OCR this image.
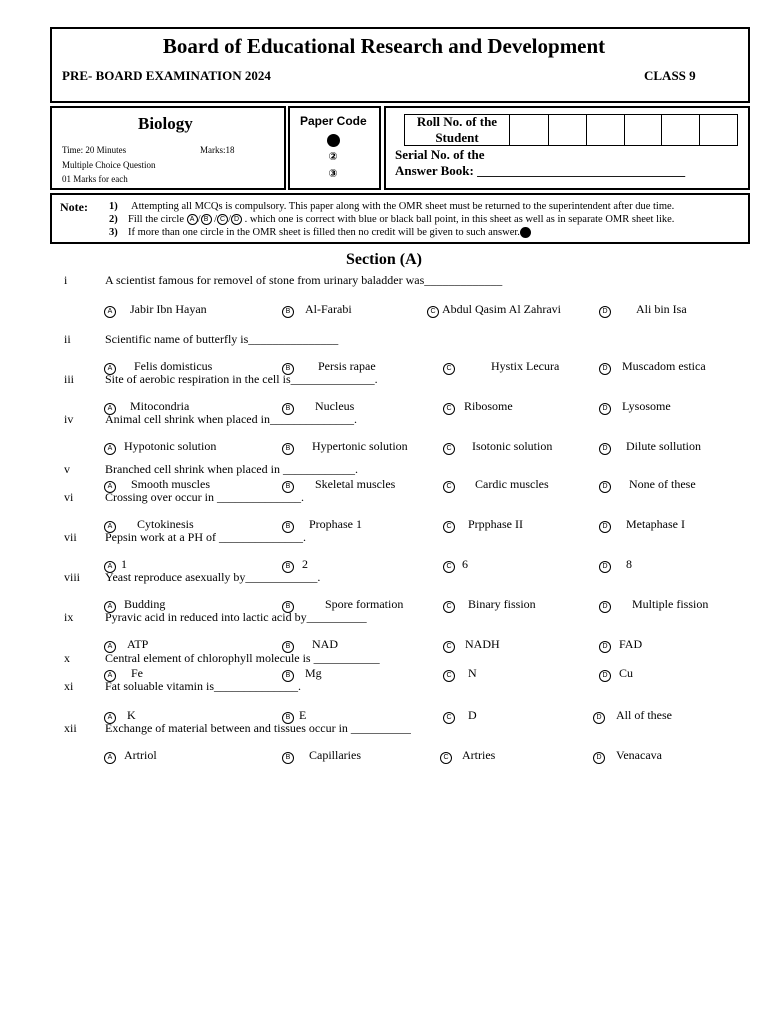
Board of Educational Research and Development
PRE- BOARD EXAMINATION 2024	CLASS 9
Biology
Time: 20 Minutes	Marks:18
Multiple Choice Question
01 Marks for each
Paper Code
②
③
Roll No. of the Student
Serial No. of the
Answer Book: ________________________________
Note: 1) Attempting all MCQs is compulsory. This paper along with the OMR sheet must be returned to the superintendent after due time.
2) Fill the circle A / B / C / D . which one is correct with blue or black ball point, in this sheet as well as in separate OMR sheet like.
3) If more than one circle in the OMR sheet is filled then no credit will be given to such answer.
Section (A)
i	A scientist famous for removel of stone from urinary baladder was_____________
A	Jabir Ibn Hayan	B	Al-Farabi	C Abdul Qasim Al Zahravi	D Ali bin Isa
ii	Scientific name of butterfly is_______________
A	Felis domisticus	B	Persis rapae	C	Hystix Lecura	D Muscadom estica
iii	Site of aerobic respiration in the cell is______________.
A	Mitocondria	B	Nucleus	C Ribosome	D Lysosome
iv	Animal cell shrink when placed in______________.
A Hypotonic solution	B	Hypertonic solution	C Isotonic solution	D Dilute sollution
v	Branched cell shrink when placed in ____________.
A	Smooth muscles	B	Skeletal muscles	C Cardic muscles	D None of these
vi	Crossing over occur in ______________.
A	Cytokinesis	B	Prophase 1	C Prpphase II	D Metaphase I
vii Pepsin work at a PH of ______________.
A 1	B 2	C 6	D 8
viii Yeast reproduce asexually by____________.
A Budding	B	Spore formation	C Binary fission	D Multiple fission
ix	Pyravic acid in reduced into lactic acid by__________
A	ATP	B	NAD	C NADH	D FAD
x	Central element of chlorophyll molecule is ___________
A	Fe	B	Mg	C N	D Cu
xi	Fat soluable vitamin is______________.
A	K	B E	C D	D All of these
xii Exchange of material between and tissues occur in __________
A Artriol	B	Capillaries	C Artries	D Venacava
